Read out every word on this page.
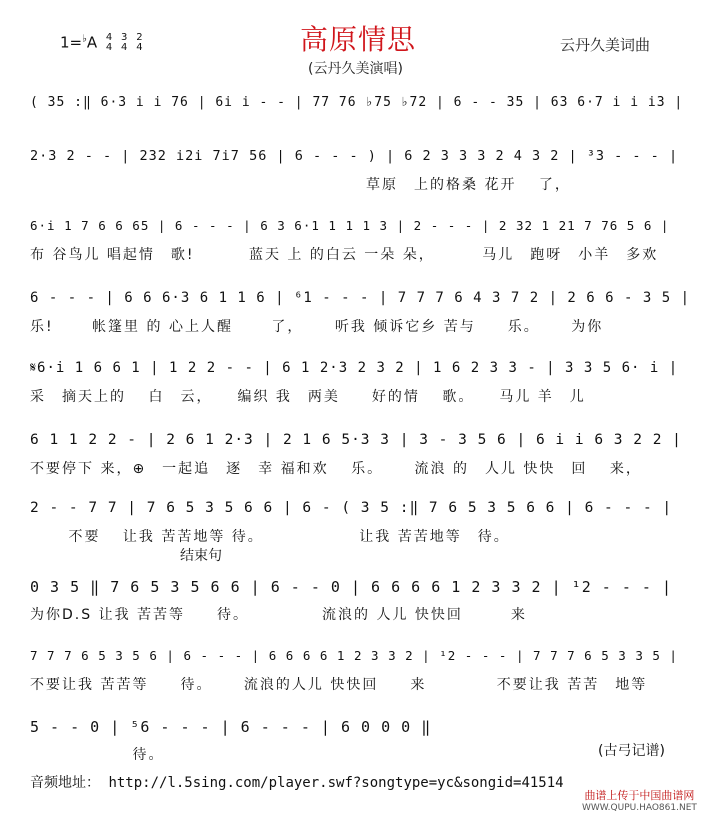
1=♭A 4
4

3
4

2
4	高原情思
(云丹久美演唱)
云丹久美词曲
( 35 :‖ 6·3 i i 76 | 6i i - - | 77 76 ♭75 ♭72 | 6 - - 35 | 63 6·7 i i i3 |
2·3 2 - - | 232 i2i 7i7 56 | 6 - - - ) | 6 2 3 3 3 2 4 3 2 | ³3 - - - |
　　　　　　　　　　　　　　　　　　　　　草原　上的格桑 花开　 了，
6·i 1 7 6 6 65 | 6 - - - | 6 3 6·1 1 1 1 3 | 2 - - - | 2 32 1 21 7 76 5 6 |
布 谷鸟儿 唱起情　歌!　　　 蓝天 上 的白云 一朵 朵，　　　 马儿　跑呀　小羊　多欢
6 - - - | 6 6 6·3 6 1 1 6 | ⁶1 - - - | 7 7 7 6 4 3 7 2 | 2 6 6 - 3 5 |
乐!　　 帐篷里 的 心上人醒　　 了，　　 听我 倾诉它乡 苦与　　乐。　　 为你
𝄋6·i 1 6 6 1 | 1 2 2 - - | 6 1 2·3 2 3 2 | 1 6 2 3 3 - | 3 3 5 6· i |
采　摘天上的　 白　云，　　编织 我　两美　　好的情　 歌。　　马儿 羊　儿
6 1 1 2 2 - | 2 6 1 2·3 | 2 1 6 5·3 3 | 3 - 3 5 6 | 6 i i 6 3 2 2 |
不要停下 来，⊕　一起追　逐　幸 福和欢　 乐。　　 流浪 的　人儿 快快　回　 来，
2 - - 7 7 | 7 6 5 3 5 6 6 | 6 - ( 3 5 :‖ 7 6 5 3 5 6 6 | 6 - - - |
　　 不要　 让我 苦苦地等 待。　　　　　　 让我 苦苦地等　待。
0 3 5 ‖ 7 6 5 3 5 6 6 | 6 - - 0 | 6 6 6 6 1 2 3 3 2 | ¹2 - - - |
为你D.S 让我 苦苦等　　待。　　　　　流浪的 人儿 快快回　　　来
7 7 7 6 5 3 5 6 | 6 - - - | 6 6 6 6 1 2 3 3 2 | ¹2 - - - | 7 7 7 6 5 3 3 5 |
不要让我 苦苦等　　待。　　 流浪的人儿 快快回　　来　　　　 不要让我 苦苦　地等
5 - - 0 | ⁵6 - - - | 6 - - - | 6 0 0 0 ‖
　　　　　　 待。
结束句
音频地址： http://l.5sing.com/player.swf?songtype=yc&songid=41514
(古弓记谱)
曲谱上传于中国曲谱网
WWW.QUPU.HAO861.NET
